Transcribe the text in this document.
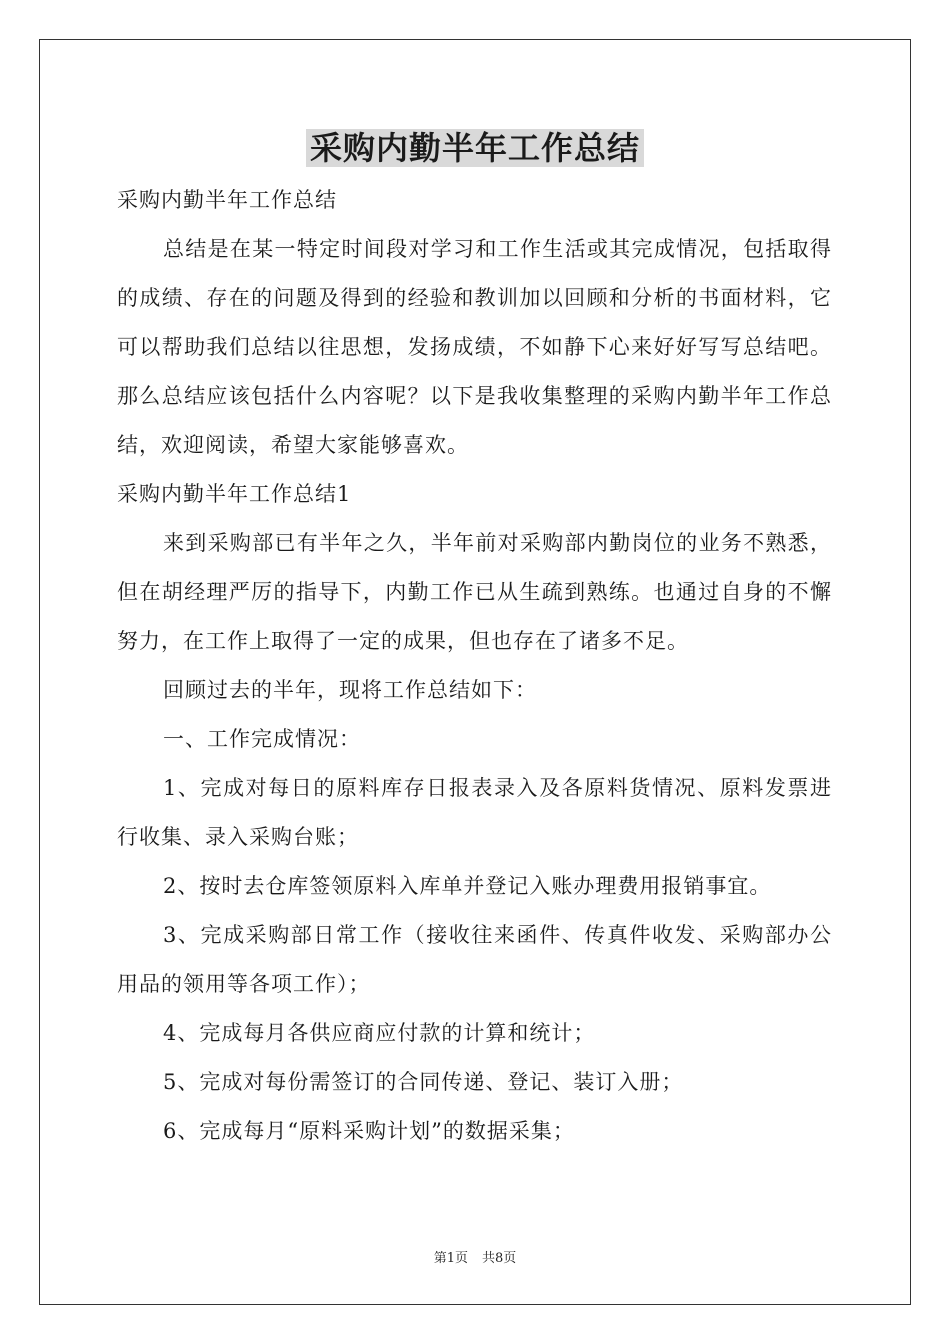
采购内勤半年工作总结

采购内勤半年工作总结

总结是在某一特定时间段对学习和工作生活或其完成情况，包括取得的成绩、存在的问题及得到的经验和教训加以回顾和分析的书面材料，它可以帮助我们总结以往思想，发扬成绩，不如静下心来好好写写总结吧。那么总结应该包括什么内容呢？以下是我收集整理的采购内勤半年工作总结，欢迎阅读，希望大家能够喜欢。

采购内勤半年工作总结1

来到采购部已有半年之久，半年前对采购部内勤岗位的业务不熟悉，但在胡经理严厉的指导下，内勤工作已从生疏到熟练。也通过自身的不懈努力，在工作上取得了一定的成果，但也存在了诸多不足。

回顾过去的半年，现将工作总结如下：

一、工作完成情况：

1、完成对每日的原料库存日报表录入及各原料货情况、原料发票进行收集、录入采购台账；

2、按时去仓库签领原料入库单并登记入账办理费用报销事宜。

3、完成采购部日常工作（接收往来函件、传真件收发、采购部办公用品的领用等各项工作）；

4、完成每月各供应商应付款的计算和统计；

5、完成对每份需签订的合同传递、登记、装订入册；

6、完成每月“原料采购计划”的数据采集；

第1页 共8页
